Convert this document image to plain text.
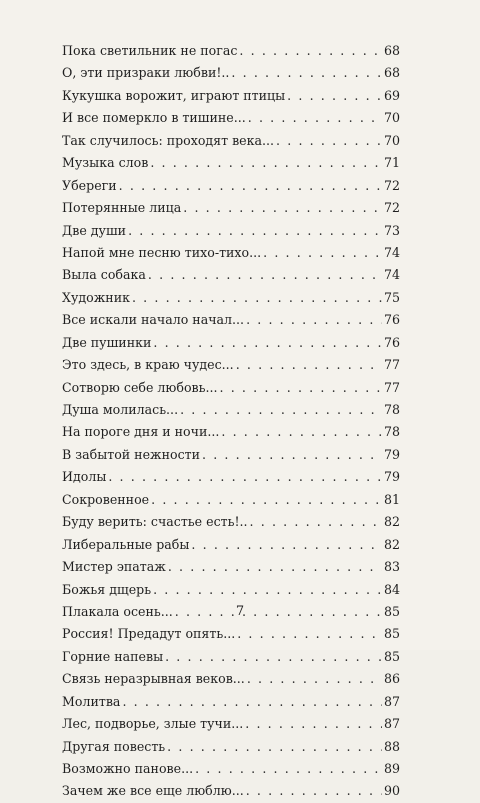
Пока светильник не погас . . .	68
О, эти призраки любви!.. . . .	68
Кукушка ворожит, играют птицы . . .	69
И все померкло в тишине... . . .	70
Так случилось: проходят века... . . .	70
Музыка слов . . .	71
Убереги . . .	72
Потерянные лица . . .	72
Две души . . .	73
Напой мне песню тихо-тихо... . . .	74
Выла собака . . .	74
Художник . . .	75
Все искали начало начал... . . .	76
Две пушинки . . .	76
Это здесь, в краю чудес... . . .	77
Сотворю себе любовь... . . .	77
Душа молилась... . . .	78
На пороге дня и ночи... . . .	78
В забытой нежности . . .	79
Идолы . . .	79
Сокровенное . . .	81
Буду верить: счастье есть!.. . . .	82
Либеральные рабы . . .	82
Мистер эпатаж . . .	83
Божья дщерь . . .	84
Плакала осень... . . .	85
Россия! Предадут опять... . . .	85
Горние напевы . . .	85
Связь неразрывная веков... . . .	86
Молитва . . .	87
Лес, подворье, злые тучи... . . .	87
Другая повесть . . .	88
Возможно панове... . . .	89
Зачем же все еще люблю... . . .	90
7
